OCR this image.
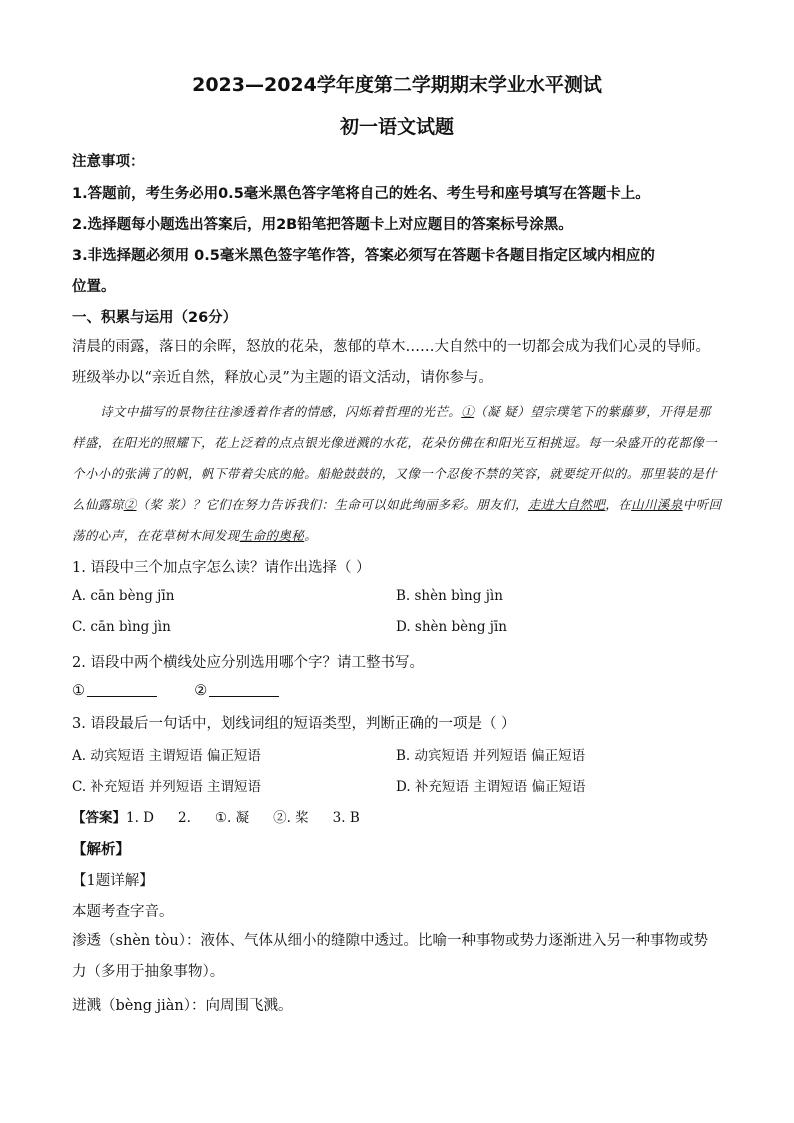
2023—2024学年度第二学期期末学业水平测试
初一语文试题
注意事项：
1.答题前，考生务必用0.5毫米黑色答字笔将自己的姓名、考生号和座号填写在答题卡上。
2.选择题每小题选出答案后，用2B铅笔把答题卡上对应题目的答案标号涂黑。
3.非选择题必须用 0.5毫米黑色签字笔作答，答案必须写在答题卡各题目指定区域内相应的
位置。
一、积累与运用（26分）
清晨的雨露，落日的余晖，怒放的花朵，葱郁的草木……大自然中的一切都会成为我们心灵的导师。班级举办以“亲近自然，释放心灵”为主题的语文活动，请你参与。
诗文中描写的景物往往渗透着作者的情感，闪烁着哲理的光芒。①（凝 疑）望宗璞笔下的紫藤萝，开得是那样盛，在阳光的照耀下，花上泛着的点点银光像迸溅的水花，花朵仿佛在和阳光互相挑逗。每一朵盛开的花都像一个小小的张满了的帆，帆下带着尖底的舱。船舱鼓鼓的，又像一个忍俊不禁的笑容，就要绽开似的。那里装的是什么仙露琼②（桨 浆）？它们在努力告诉我们：生命可以如此绚丽多彩。朋友们，走进大自然吧，在山川溪泉中听回荡的心声，在花草树木间发现生命的奥秘。
1. 语段中三个加点字怎么读？请作出选择（ ）
A. cān bèng jīn	B. shèn bìng jìn
C. cān bìng jìn	D. shèn bèng jīn
2. 语段中两个横线处应分别选用哪个字？请工整书写。
①	②
3. 语段最后一句话中，划线词组的短语类型，判断正确的一项是（ ）
A. 动宾短语 主谓短语 偏正短语	B. 动宾短语 并列短语 偏正短语
C. 补充短语 并列短语 主谓短语	D. 补充短语 主谓短语 偏正短语
【答案】1. D 2. ①. 凝 ②. 桨 3. B
【解析】
【1题详解】
本题考查字音。
渗透（shèn tòu）：液体、气体从细小的缝隙中透过。比喻一种事物或势力逐渐进入另一种事物或势力（多用于抽象事物）。
迸溅（bèng jiàn）：向周围飞溅。
